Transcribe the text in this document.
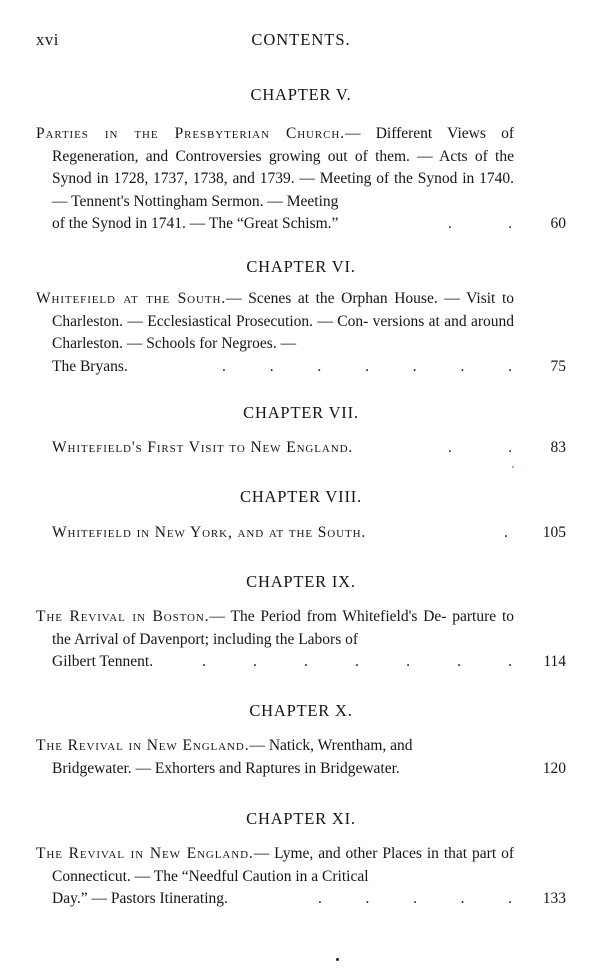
xvi	CONTENTS.
CHAPTER V.
Parties in the Presbyterian Church.— Different Views of Regeneration, and Controversies growing out of them. — Acts of the Synod in 1728, 1737, 1738, and 1739. — Meeting of the Synod in 1740. — Tennent's Nottingham Sermon. — Meeting
of the Synod in 1741. — The “Great Schism.”	.	. 60
CHAPTER VI.
Whitefield at the South.— Scenes at the Orphan House. — Visit to Charleston. — Ecclesiastical Prosecution. — Con- versions at and around Charleston. — Schools for Negroes. —
The Bryans.	.	.	.	.	.	.	. 75
CHAPTER VII.
Whitefield's First Visit to New England.	.	. 83
CHAPTER VIII.
Whitefield in New York, and at the South.	. 105
CHAPTER IX.
The Revival in Boston.— The Period from Whitefield's De- parture to the Arrival of Davenport; including the Labors of
Gilbert Tennent.	.	.	.	.	.	.	. 114
CHAPTER X.
The Revival in New England.— Natick, Wrentham, and
Bridgewater. — Exhorters and Raptures in Bridgewater.	120
CHAPTER XI.
The Revival in New England.— Lyme, and other Places in that part of Connecticut. — The “Needful Caution in a Critical
Day.” — Pastors Itinerating.	.	.	.	.	. 133
